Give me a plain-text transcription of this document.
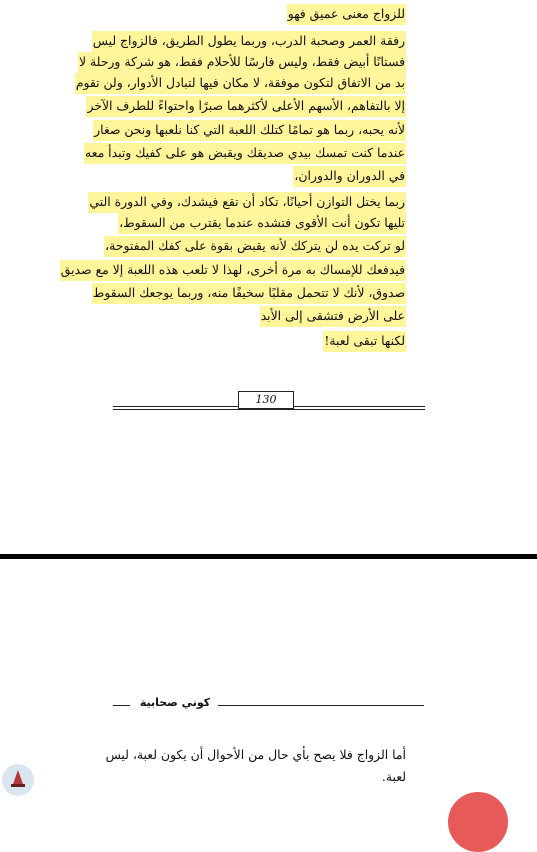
للزواج معنى عميق فهو
رفقة العمر وصحبة الدرب، وربما يطول الطريق، فالزواج ليس
فستانًا أبيض فقط، وليس فارسًا للأحلام فقط، هو شركة ورحلة لا
بد من الاتفاق لتكون موفقة، لا مكان فيها لتبادل الأدوار، ولن تقوم
إلا بالتفاهم، الأسهم الأعلى لأكثرهما صبرًا واحتواءً للطرف الآخر
لأنه يحبه، ربما هو تمامًا كتلك اللعبة التي كنا نلعبها ونحن صغار
عندما كنت تمسك بيدي صديقك ويقبض هو على كفيك وتبدأ معه
في الدوران والدوران،
ربما يختل التوازن أحيانًا، تكاد أن تقع فيشدك، وفي الدورة التي
تليها تكون أنت الأقوى فتشده عندما يقترب من السقوط،
لو تركت يده لن يتركك لأنه يقبض بقوة على كفك المفتوحة،
فيدفعك للإمساك به مرة أخرى، لهذا لا تلعب هذه اللعبة إلا مع صديق
صدوق، لأنك لا تتحمل مقلبًا سخيفًا منه، وربما يوجعك السقوط
على الأرض فتشقى إلى الأبد
لكنها تبقى لعبة!
130
كوني صحابية
أما الزواج فلا يصح بأي حال من الأحوال أن يكون لعبة، ليس
لعبة.
